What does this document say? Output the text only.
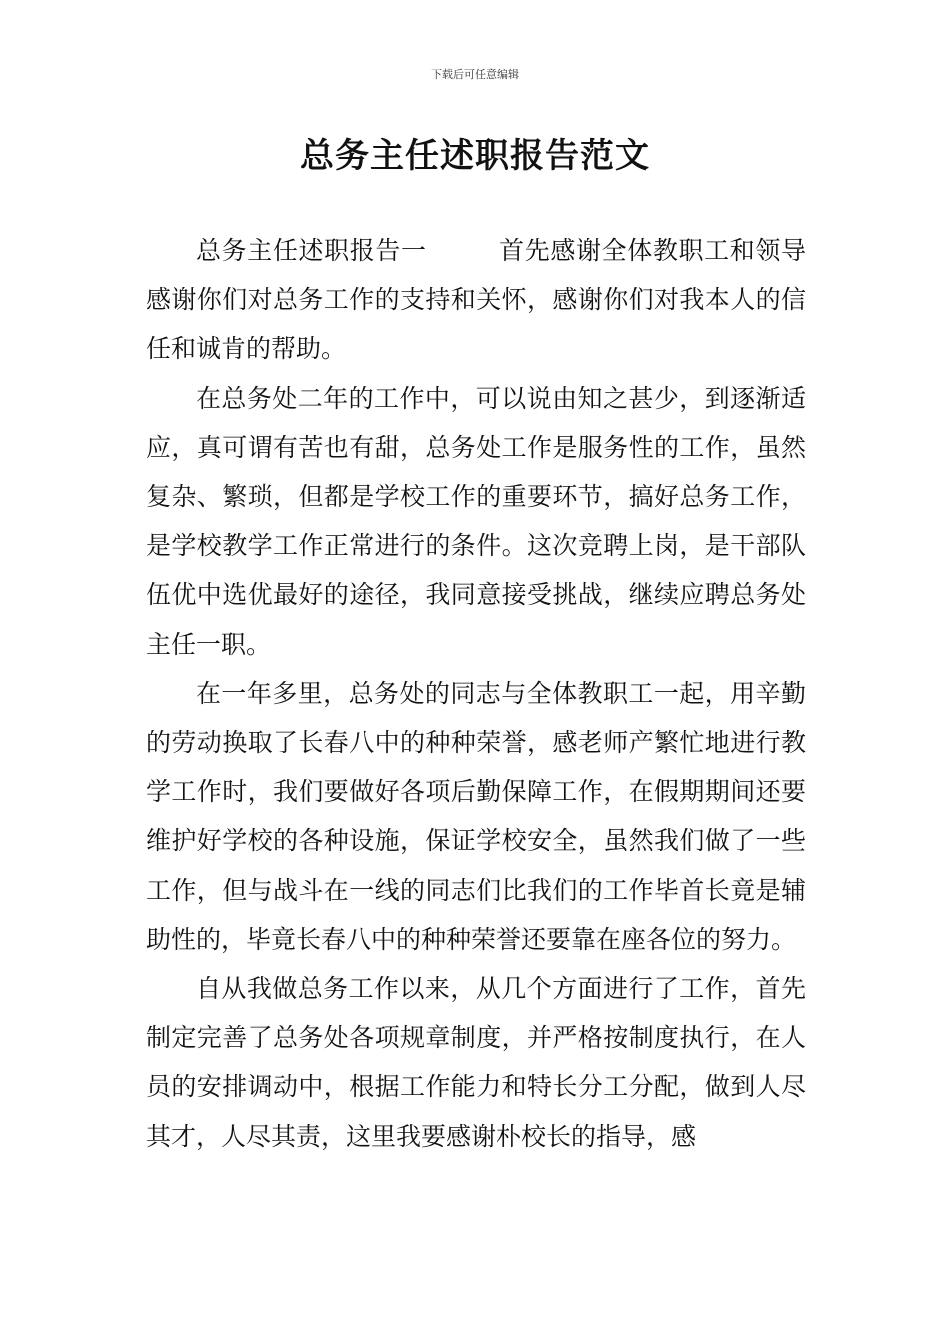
下载后可任意编辑
总务主任述职报告范文

总务主任述职报告一	首先感谢全体教职工和领导感谢你们对总务工作的支持和关怀，感谢你们对我本人的信任和诚肯的帮助。

在总务处二年的工作中，可以说由知之甚少，到逐渐适应，真可谓有苦也有甜，总务处工作是服务性的工作，虽然复杂、繁琐，但都是学校工作的重要环节，搞好总务工作，是学校教学工作正常进行的条件。这次竞聘上岗，是干部队伍优中选优最好的途径，我同意接受挑战，继续应聘总务处主任一职。

在一年多里，总务处的同志与全体教职工一起，用辛勤的劳动换取了长春八中的种种荣誉，感老师产繁忙地进行教学工作时，我们要做好各项后勤保障工作，在假期期间还要维护好学校的各种设施，保证学校安全，虽然我们做了一些工作，但与战斗在一线的同志们比我们的工作毕首长竟是辅助性的，毕竟长春八中的种种荣誉还要靠在座各位的努力。

自从我做总务工作以来，从几个方面进行了工作，首先制定完善了总务处各项规章制度，并严格按制度执行，在人员的安排调动中，根据工作能力和特长分工分配，做到人尽其才，人尽其责，这里我要感谢朴校长的指导，感
